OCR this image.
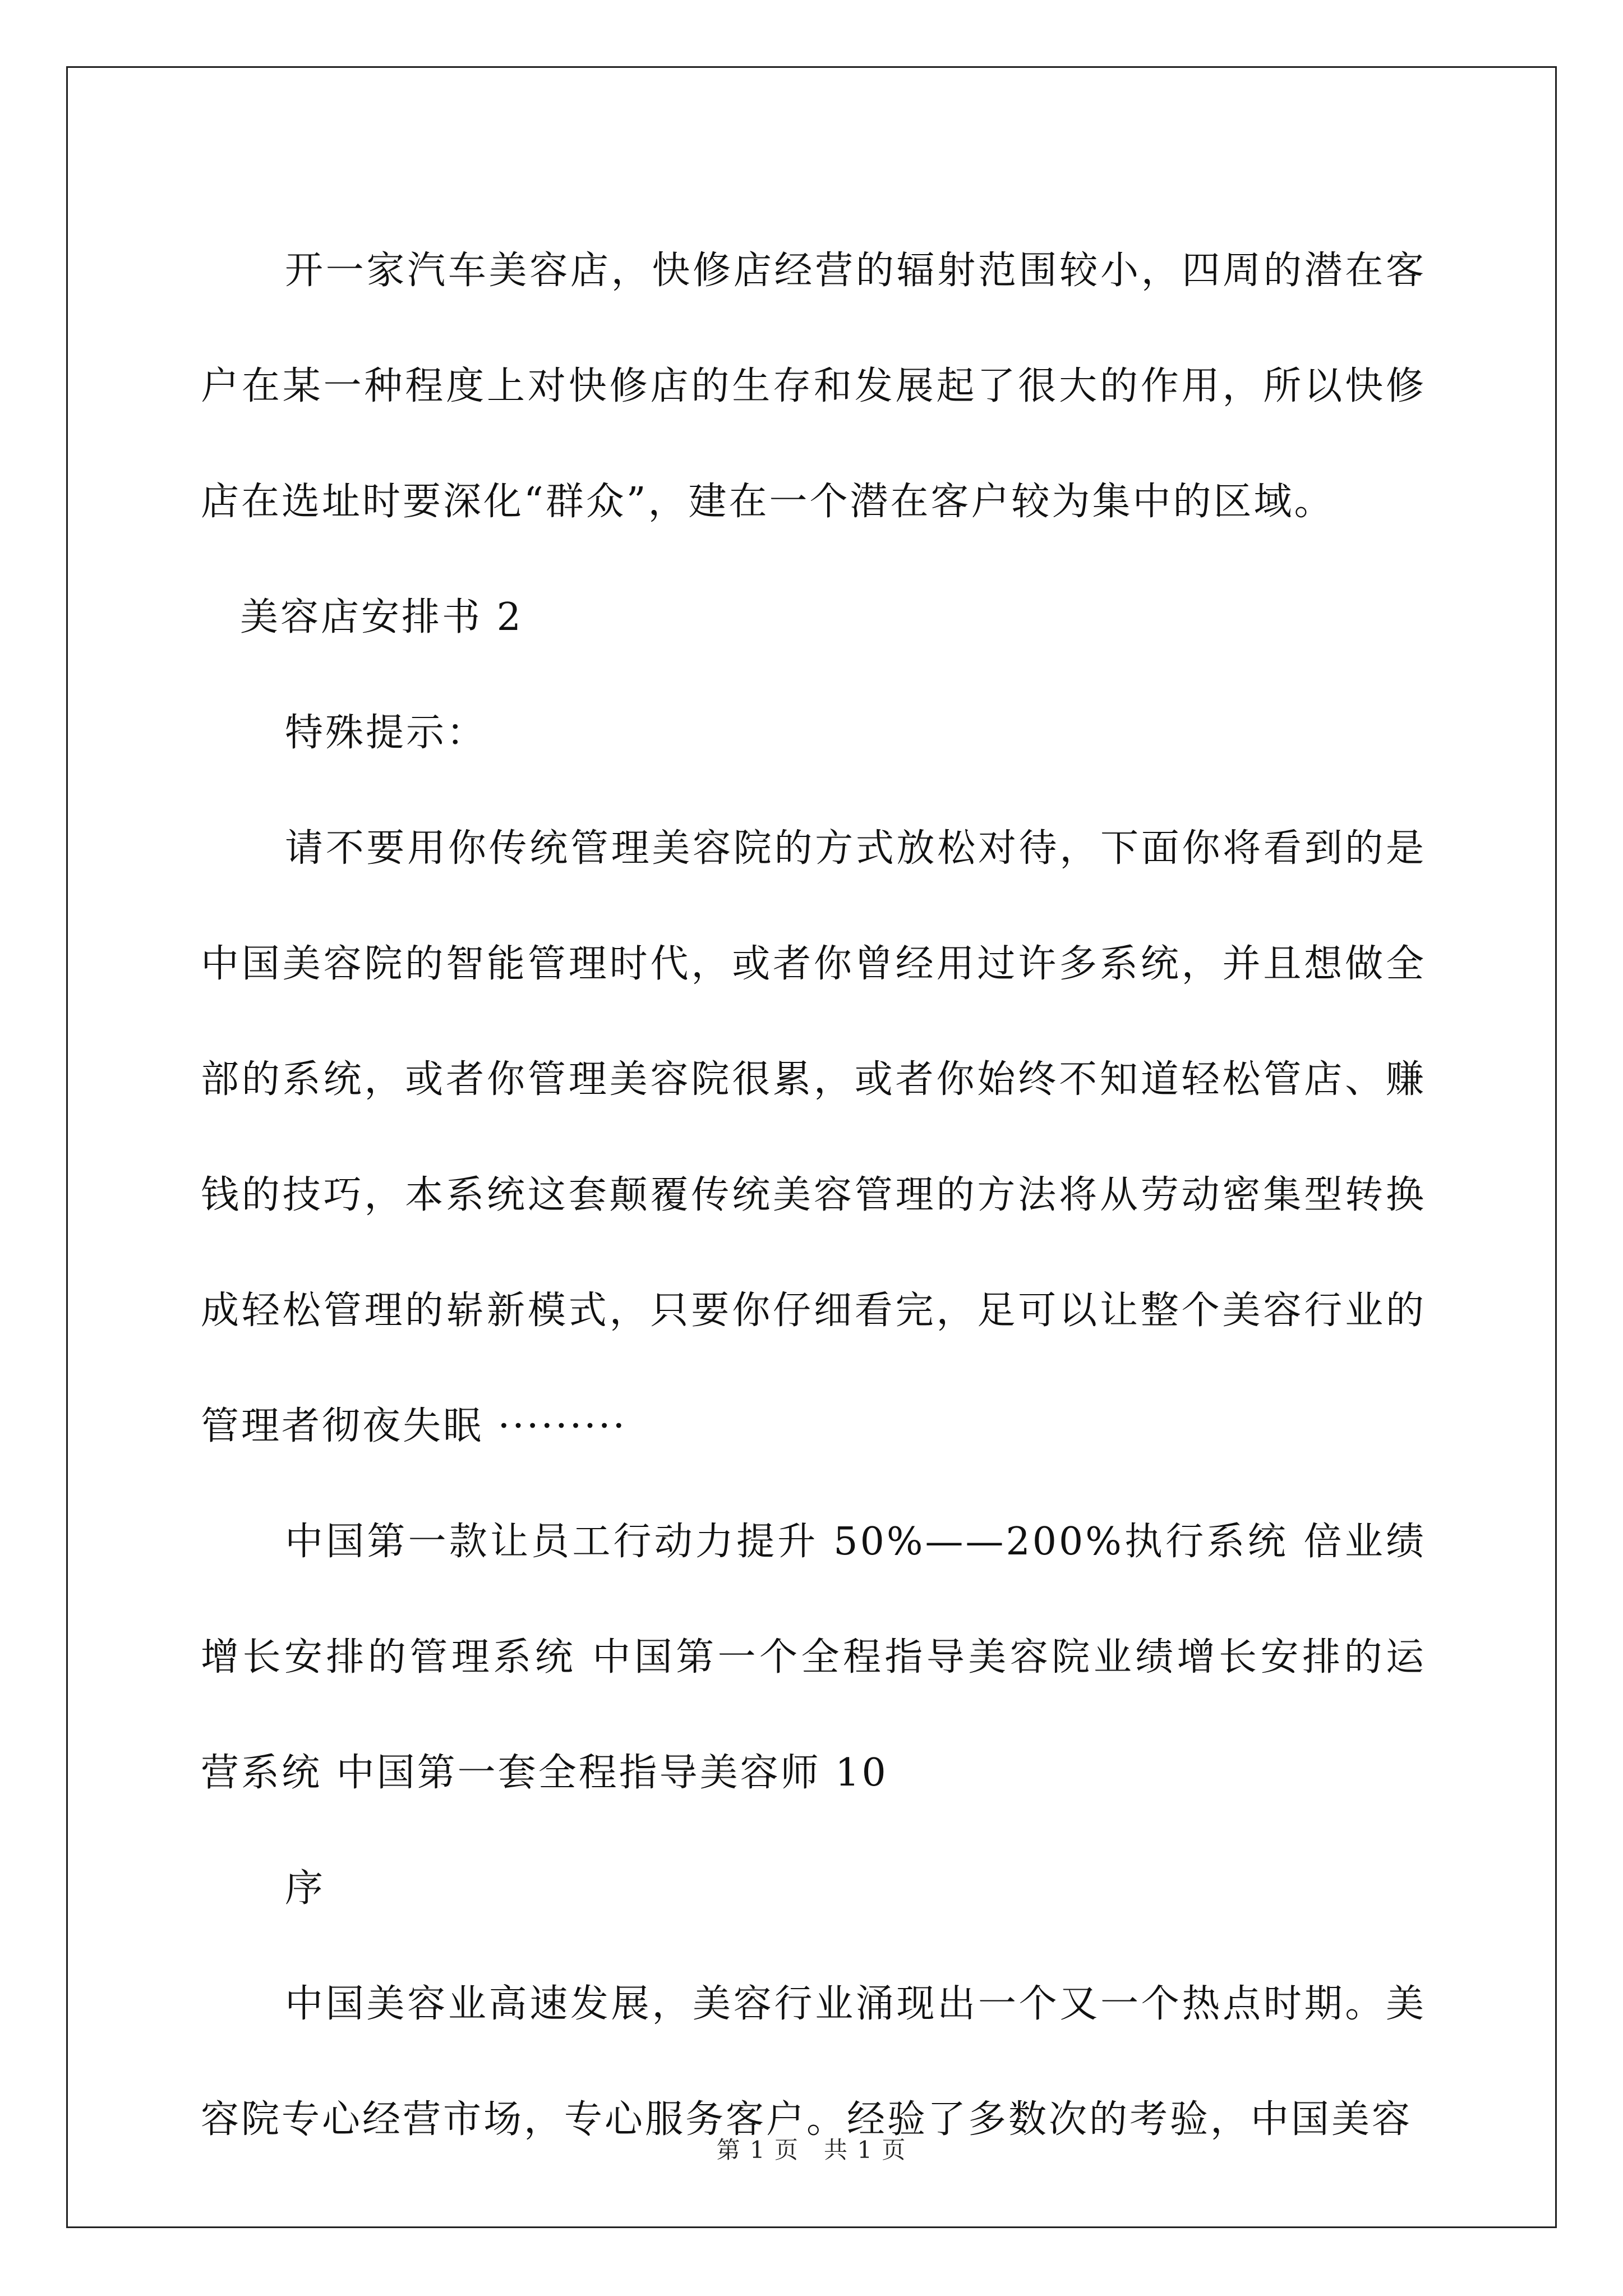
开一家汽车美容店，快修店经营的辐射范围较小，四周的潜在客户在某一种程度上对快修店的生存和发展起了很大的作用，所以快修店在选址时要深化“群众”，建在一个潜在客户较为集中的区域。

美容店安排书 2

特殊提示：

请不要用你传统管理美容院的方式放松对待，下面你将看到的是中国美容院的智能管理时代，或者你曾经用过许多系统，并且想做全部的系统，或者你管理美容院很累，或者你始终不知道轻松管店、赚钱的技巧，本系统这套颠覆传统美容管理的方法将从劳动密集型转换成轻松管理的崭新模式，只要你仔细看完，足可以让整个美容行业的管理者彻夜失眠 ·········

中国第一款让员工行动力提升 50%——200%执行系统 倍业绩增长安排的管理系统 中国第一个全程指导美容院业绩增长安排的运营系统 中国第一套全程指导美容师 10

序

中国美容业高速发展，美容行业涌现出一个又一个热点时期。美容院专心经营市场，专心服务客户。经验了多数次的考验，中国美容

第 1 页　共 1 页
